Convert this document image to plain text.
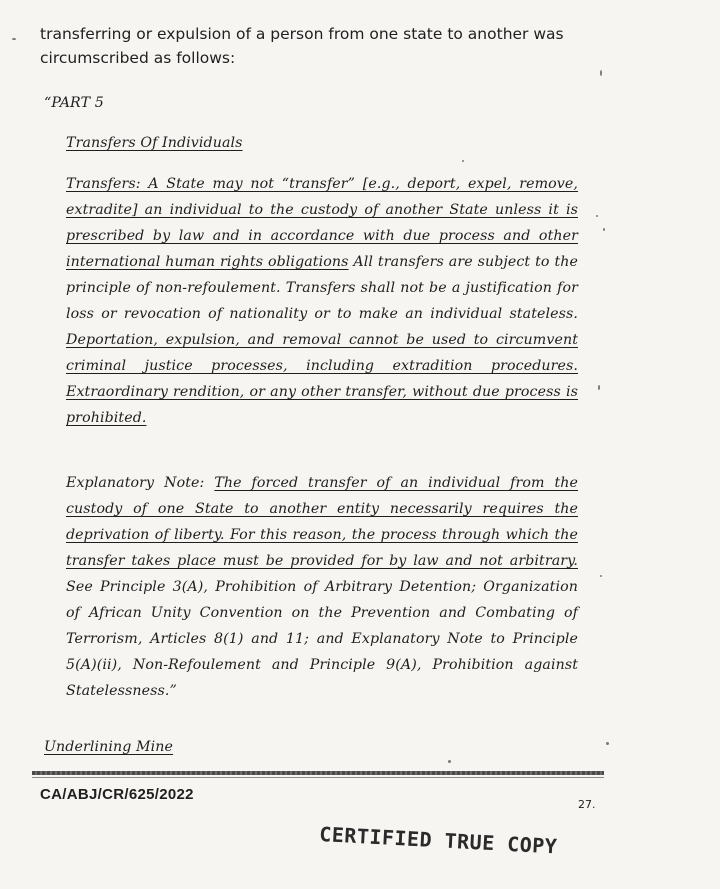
transferring or expulsion of a person from one state to another was
circumscribed as follows:
“PART 5
Transfers Of Individuals
Transfers: A State may not “transfer” [e.g., deport, expel, remove, extradite] an individual to the custody of another State unless it is prescribed by law and in accordance with due process and other international human rights obligations All transfers are subject to the principle of non-refoulement. Transfers shall not be a justification for loss or revocation of nationality or to make an individual stateless. Deportation, expulsion, and removal cannot be used to circumvent criminal justice processes, including extradition procedures. Extraordinary rendition, or any other transfer, without due process is prohibited.
Explanatory Note: The forced transfer of an individual from the custody of one State to another entity necessarily requires the deprivation of liberty. For this reason, the process through which the transfer takes place must be provided for by law and not arbitrary. See Principle 3(A), Prohibition of Arbitrary Detention; Organization of African Unity Convention on the Prevention and Combating of Terrorism, Articles 8(1) and 11; and Explanatory Note to Principle 5(A)(ii), Non-Refoulement and Principle 9(A), Prohibition against Statelessness.”
Underlining Mine
CA/ABJ/CR/625/2022
27.
CERTIFIED TRUE COPY
